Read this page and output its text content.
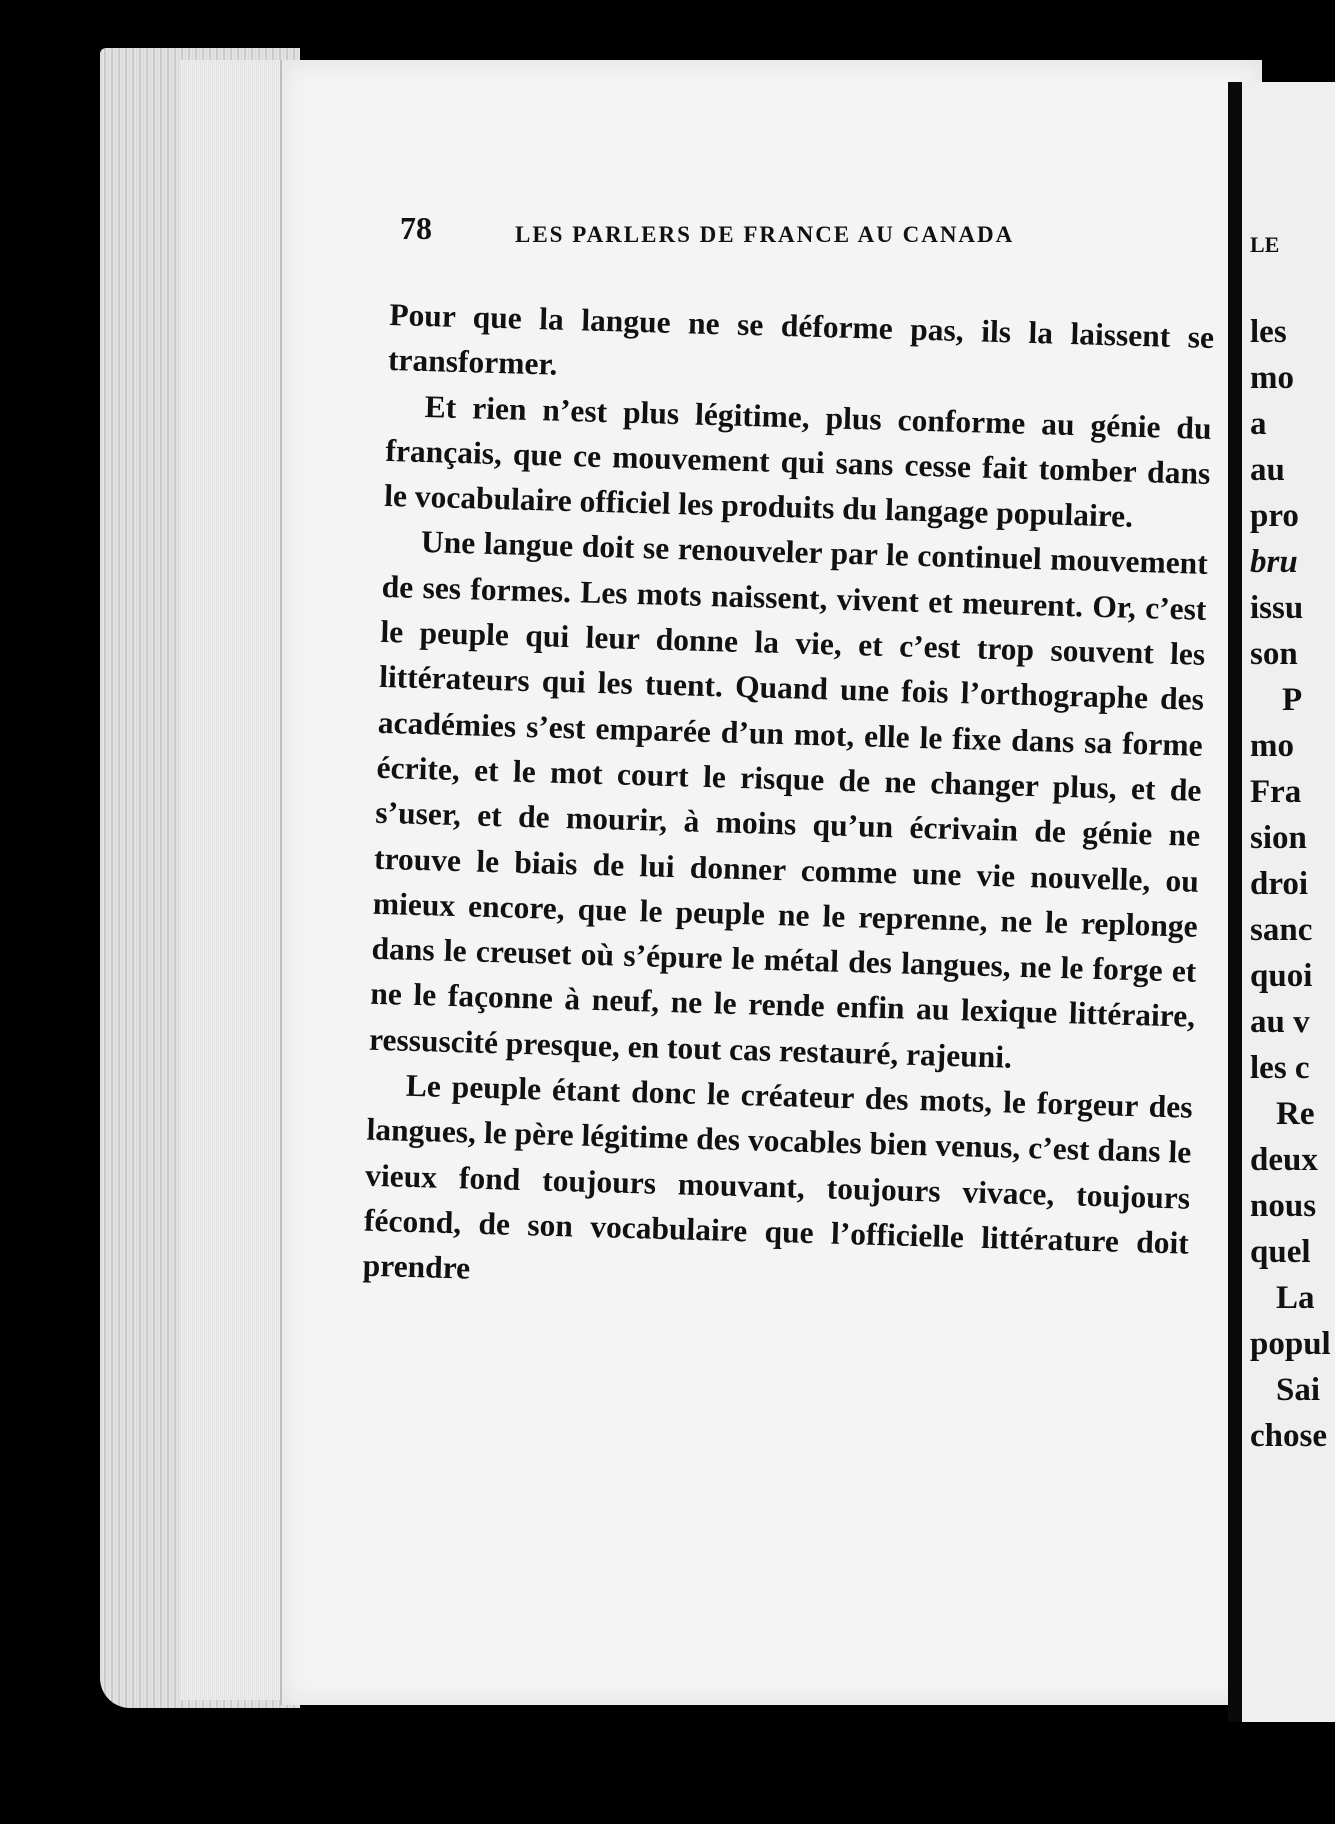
LE
les
mo
a
au
pro
bru
issu
son
P
mo
Fra
sion
droi
sanc
quoi
au v
les c
Re
deux
nous
quel
La
popul
Sai
chose
78	LES PARLERS DE FRANCE AU CANADA

Pour que la langue ne se déforme pas, ils la laissent se transformer.

Et rien n’est plus légitime, plus conforme au génie du français, que ce mouvement qui sans cesse fait tomber dans le vocabulaire officiel les produits du langage populaire.

Une langue doit se renouveler par le continuel mouvement de ses formes. Les mots naissent, vivent et meurent. Or, c’est le peuple qui leur donne la vie, et c’est trop souvent les littérateurs qui les tuent. Quand une fois l’orthographe des académies s’est emparée d’un mot, elle le fixe dans sa forme écrite, et le mot court le risque de ne changer plus, et de s’user, et de mourir, à moins qu’un écrivain de génie ne trouve le biais de lui donner comme une vie nouvelle, ou mieux encore, que le peuple ne le reprenne, ne le replonge dans le creuset où s’épure le métal des langues, ne le forge et ne le façonne à neuf, ne le rende enfin au lexique littéraire, ressuscité presque, en tout cas restauré, rajeuni.

Le peuple étant donc le créateur des mots, le forgeur des langues, le père légitime des vocables bien venus, c’est dans le vieux fond toujours mouvant, toujours vivace, toujours fécond, de son vocabulaire que l’officielle littérature doit prendre
